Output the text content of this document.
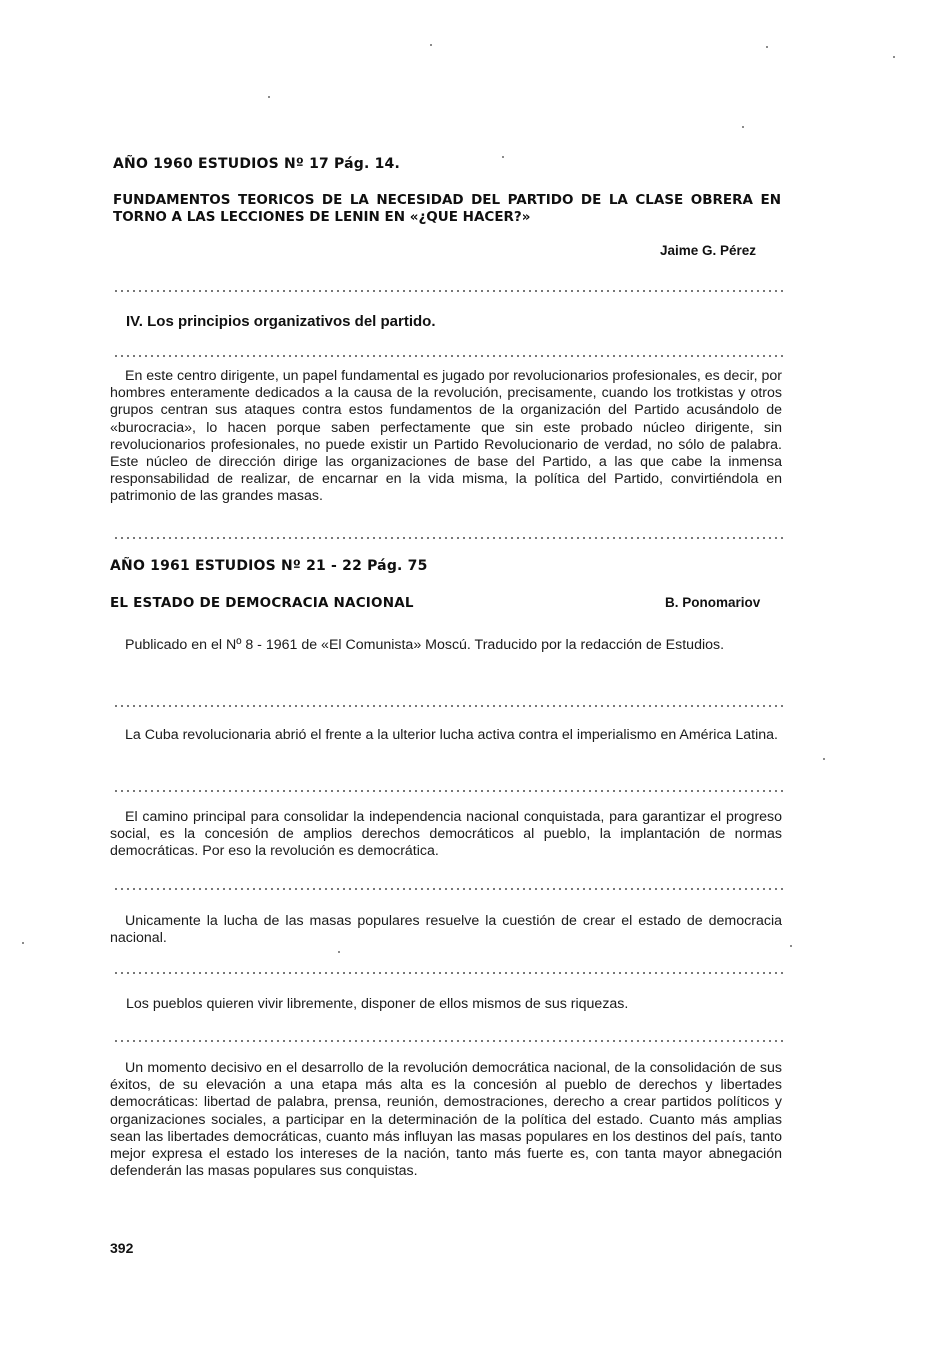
AÑO 1960 ESTUDIOS Nº 17 Pág. 14.
FUNDAMENTOS TEORICOS DE LA NECESIDAD DEL PARTIDO DE LA CLASE OBRERA EN TORNO A LAS LECCIONES DE LENIN EN «¿QUE HACER?»
Jaime G. Pérez
IV. Los principios organizativos del partido.
En este centro dirigente, un papel fundamental es jugado por revolucionarios profesionales, es decir, por hombres enteramente dedicados a la causa de la revolución, precisamente, cuando los trotkistas y otros grupos centran sus ataques contra estos fundamentos de la organización del Partido acusándolo de «burocracia», lo hacen porque saben perfectamente que sin este probado núcleo dirigente, sin revolucionarios profesionales, no puede existir un Partido Revolucionario de verdad, no sólo de palabra. Este núcleo de dirección dirige las organizaciones de base del Partido, a las que cabe la inmensa responsabilidad de realizar, de encarnar en la vida misma, la política del Partido, convirtiéndola en patrimonio de las grandes masas.
AÑO 1961 ESTUDIOS Nº 21 - 22 Pág. 75
EL ESTADO DE DEMOCRACIA NACIONAL	B. Ponomariov
Publicado en el Nº 8 - 1961 de «El Comunista» Moscú. Traducido por la redacción de Estudios.
La Cuba revolucionaria abrió el frente a la ulterior lucha activa contra el imperialismo en América Latina.
El camino principal para consolidar la independencia nacional conquistada, para garantizar el progreso social, es la concesión de amplios derechos democráticos al pueblo, la implantación de normas democráticas. Por eso la revolución es democrática.
Unicamente la lucha de las masas populares resuelve la cuestión de crear el estado de democracia nacional.
Los pueblos quieren vivir libremente, disponer de ellos mismos de sus riquezas.
Un momento decisivo en el desarrollo de la revolución democrática nacional, de la consolidación de sus éxitos, de su elevación a una etapa más alta es la concesión al pueblo de derechos y libertades democráticas: libertad de palabra, prensa, reunión, demostraciones, derecho a crear partidos políticos y organizaciones sociales, a participar en la determinación de la política del estado. Cuanto más amplias sean las libertades democráticas, cuanto más influyan las masas populares en los destinos del país, tanto mejor expresa el estado los intereses de la nación, tanto más fuerte es, con tanta mayor abnegación defenderán las masas populares sus conquistas.
392
